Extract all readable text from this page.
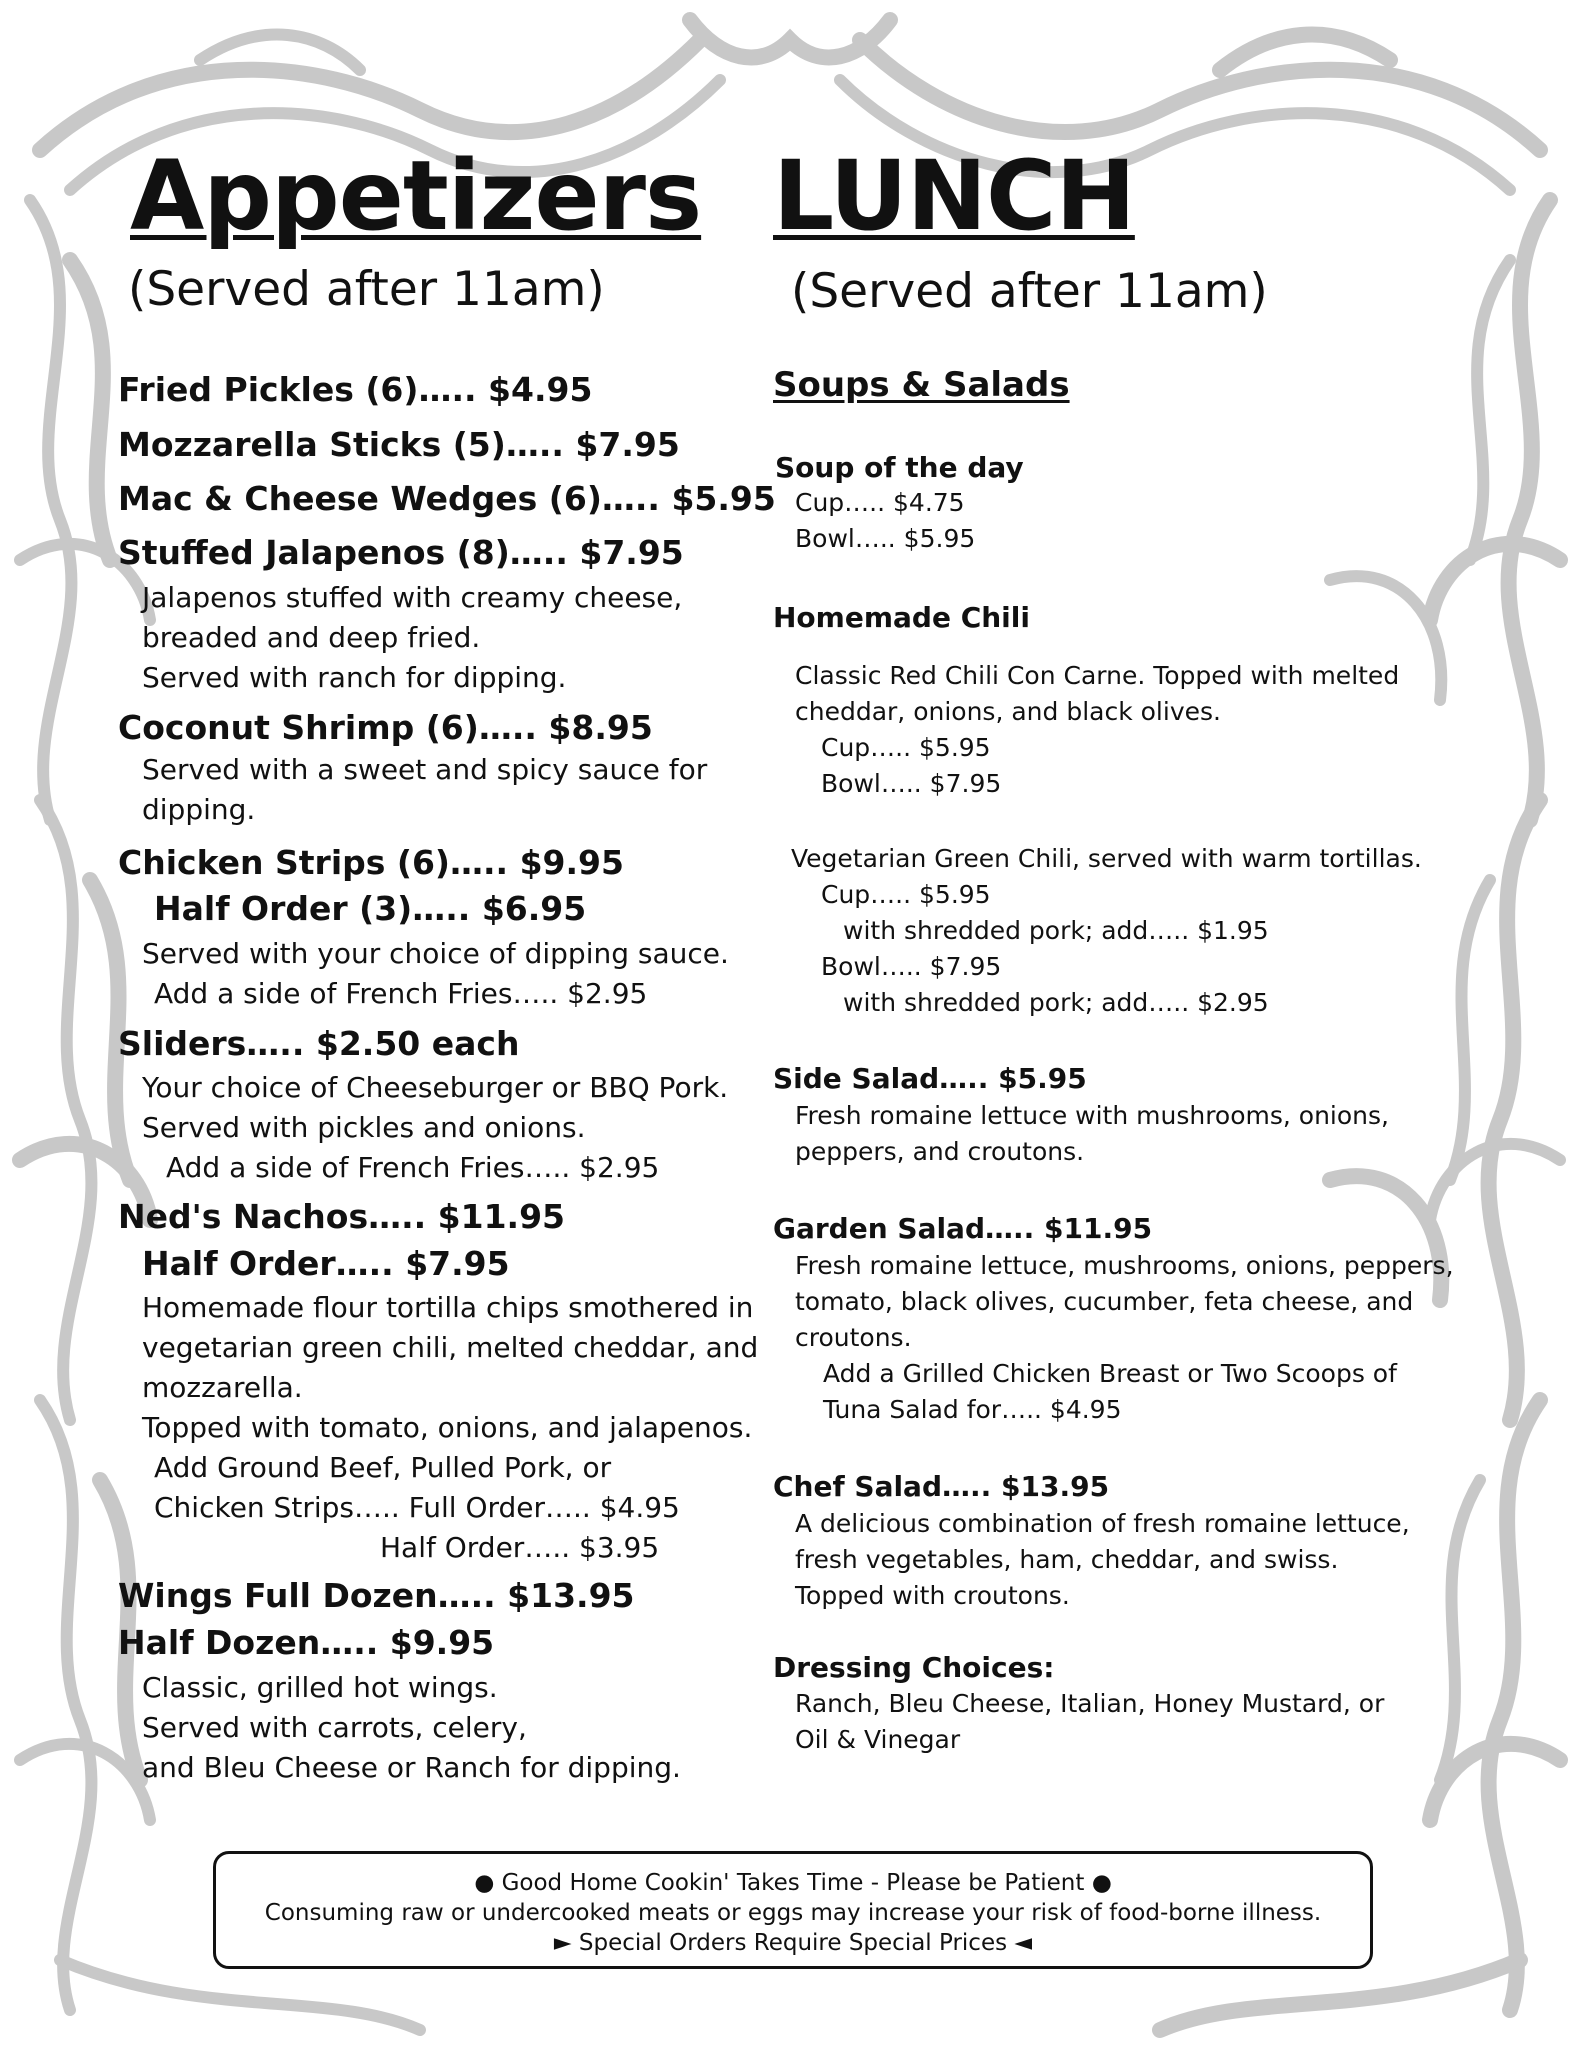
Appetizers
(Served after 11am)
Fried Pickles (6)….. $4.95
Mozzarella Sticks (5)….. $7.95
Mac & Cheese Wedges (6)….. $5.95
Stuffed Jalapenos (8)….. $7.95
Jalapenos stuffed with creamy cheese,
breaded and deep fried.
Served with ranch for dipping.
Coconut Shrimp (6)….. $8.95
Served with a sweet and spicy sauce for
dipping.
Chicken Strips (6)….. $9.95
Half Order (3)….. $6.95
Served with your choice of dipping sauce.
Add a side of French Fries….. $2.95
Sliders….. $2.50 each
Your choice of Cheeseburger or BBQ Pork.
Served with pickles and onions.
Add a side of French Fries….. $2.95
Ned's Nachos….. $11.95
Half Order….. $7.95
Homemade flour tortilla chips smothered in
vegetarian green chili, melted cheddar, and
mozzarella.
Topped with tomato, onions, and jalapenos.
Add Ground Beef, Pulled Pork, or
Chicken Strips….. Full Order….. $4.95
Half Order….. $3.95
Wings Full Dozen….. $13.95
Half Dozen….. $9.95
Classic, grilled hot wings.
Served with carrots, celery,
and Bleu Cheese or Ranch for dipping.
LUNCH
(Served after 11am)
Soups & Salads
Soup of the day
Cup….. $4.75
Bowl….. $5.95
Homemade Chili
Classic Red Chili Con Carne. Topped with melted
cheddar, onions, and black olives.
Cup….. $5.95
Bowl….. $7.95
Vegetarian Green Chili, served with warm tortillas.
Cup….. $5.95
with shredded pork; add….. $1.95
Bowl….. $7.95
with shredded pork; add….. $2.95
Side Salad….. $5.95
Fresh romaine lettuce with mushrooms, onions,
peppers, and croutons.
Garden Salad….. $11.95
Fresh romaine lettuce, mushrooms, onions, peppers,
tomato, black olives, cucumber, feta cheese, and
croutons.
Add a Grilled Chicken Breast or Two Scoops of
Tuna Salad for….. $4.95
Chef Salad….. $13.95
A delicious combination of fresh romaine lettuce,
fresh vegetables, ham, cheddar, and swiss.
Topped with croutons.
Dressing Choices:
Ranch, Bleu Cheese, Italian, Honey Mustard, or
Oil & Vinegar
● Good Home Cookin' Takes Time - Please be Patient ●
Consuming raw or undercooked meats or eggs may increase your risk of food-borne illness.
► Special Orders Require Special Prices ◄
